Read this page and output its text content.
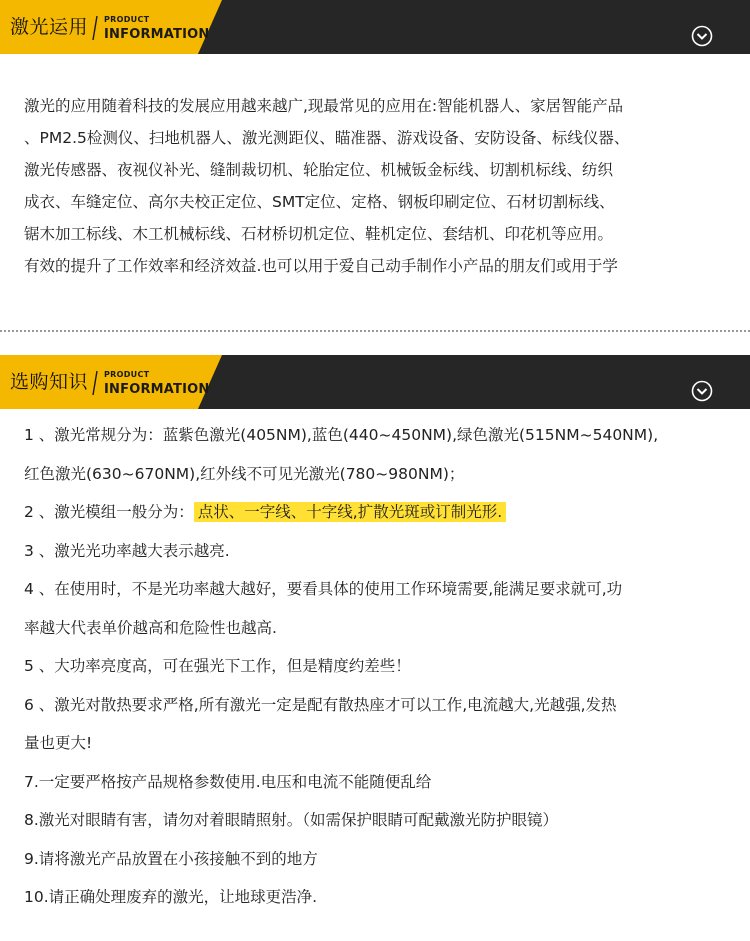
激光运用 PRODUCT
INFORMATION
激光的应用随着科技的发展应用越来越广,现最常见的应用在:智能机器人、家居智能产品
、PM2.5检测仪、扫地机器人、激光测距仪、瞄准器、游戏设备、安防设备、标线仪器、
激光传感器、夜视仪补光、缝制裁切机、轮胎定位、机械钣金标线、切割机标线、纺织
成衣、车缝定位、高尔夫校正定位、SMT定位、定格、钢板印刷定位、石材切割标线、
锯木加工标线、木工机械标线、石材桥切机定位、鞋机定位、套结机、印花机等应用。
有效的提升了工作效率和经济效益.也可以用于爱自己动手制作小产品的朋友们或用于学
选购知识 PRODUCT
INFORMATION
1 、激光常规分为：蓝紫色激光(405NM),蓝色(440~450NM),绿色激光(515NM~540NM),
红色激光(630~670NM),红外线不可见光激光(780~980NM)；
2 、激光模组一般分为： 点状、一字线、十字线,扩散光斑或订制光形.
3 、激光光功率越大表示越亮.
4 、在使用时，不是光功率越大越好，要看具体的使用工作环境需要,能满足要求就可,功
率越大代表单价越高和危险性也越高.
5 、大功率亮度高，可在强光下工作，但是精度约差些！
6 、激光对散热要求严格,所有激光一定是配有散热座才可以工作,电流越大,光越强,发热
量也更大!
7.一定要严格按产品规格参数使用.电压和电流不能随便乱给
8.激光对眼睛有害，请勿对着眼睛照射。（如需保护眼睛可配戴激光防护眼镜）
9.请将激光产品放置在小孩接触不到的地方
10.请正确处理废弃的激光，让地球更浩净.
